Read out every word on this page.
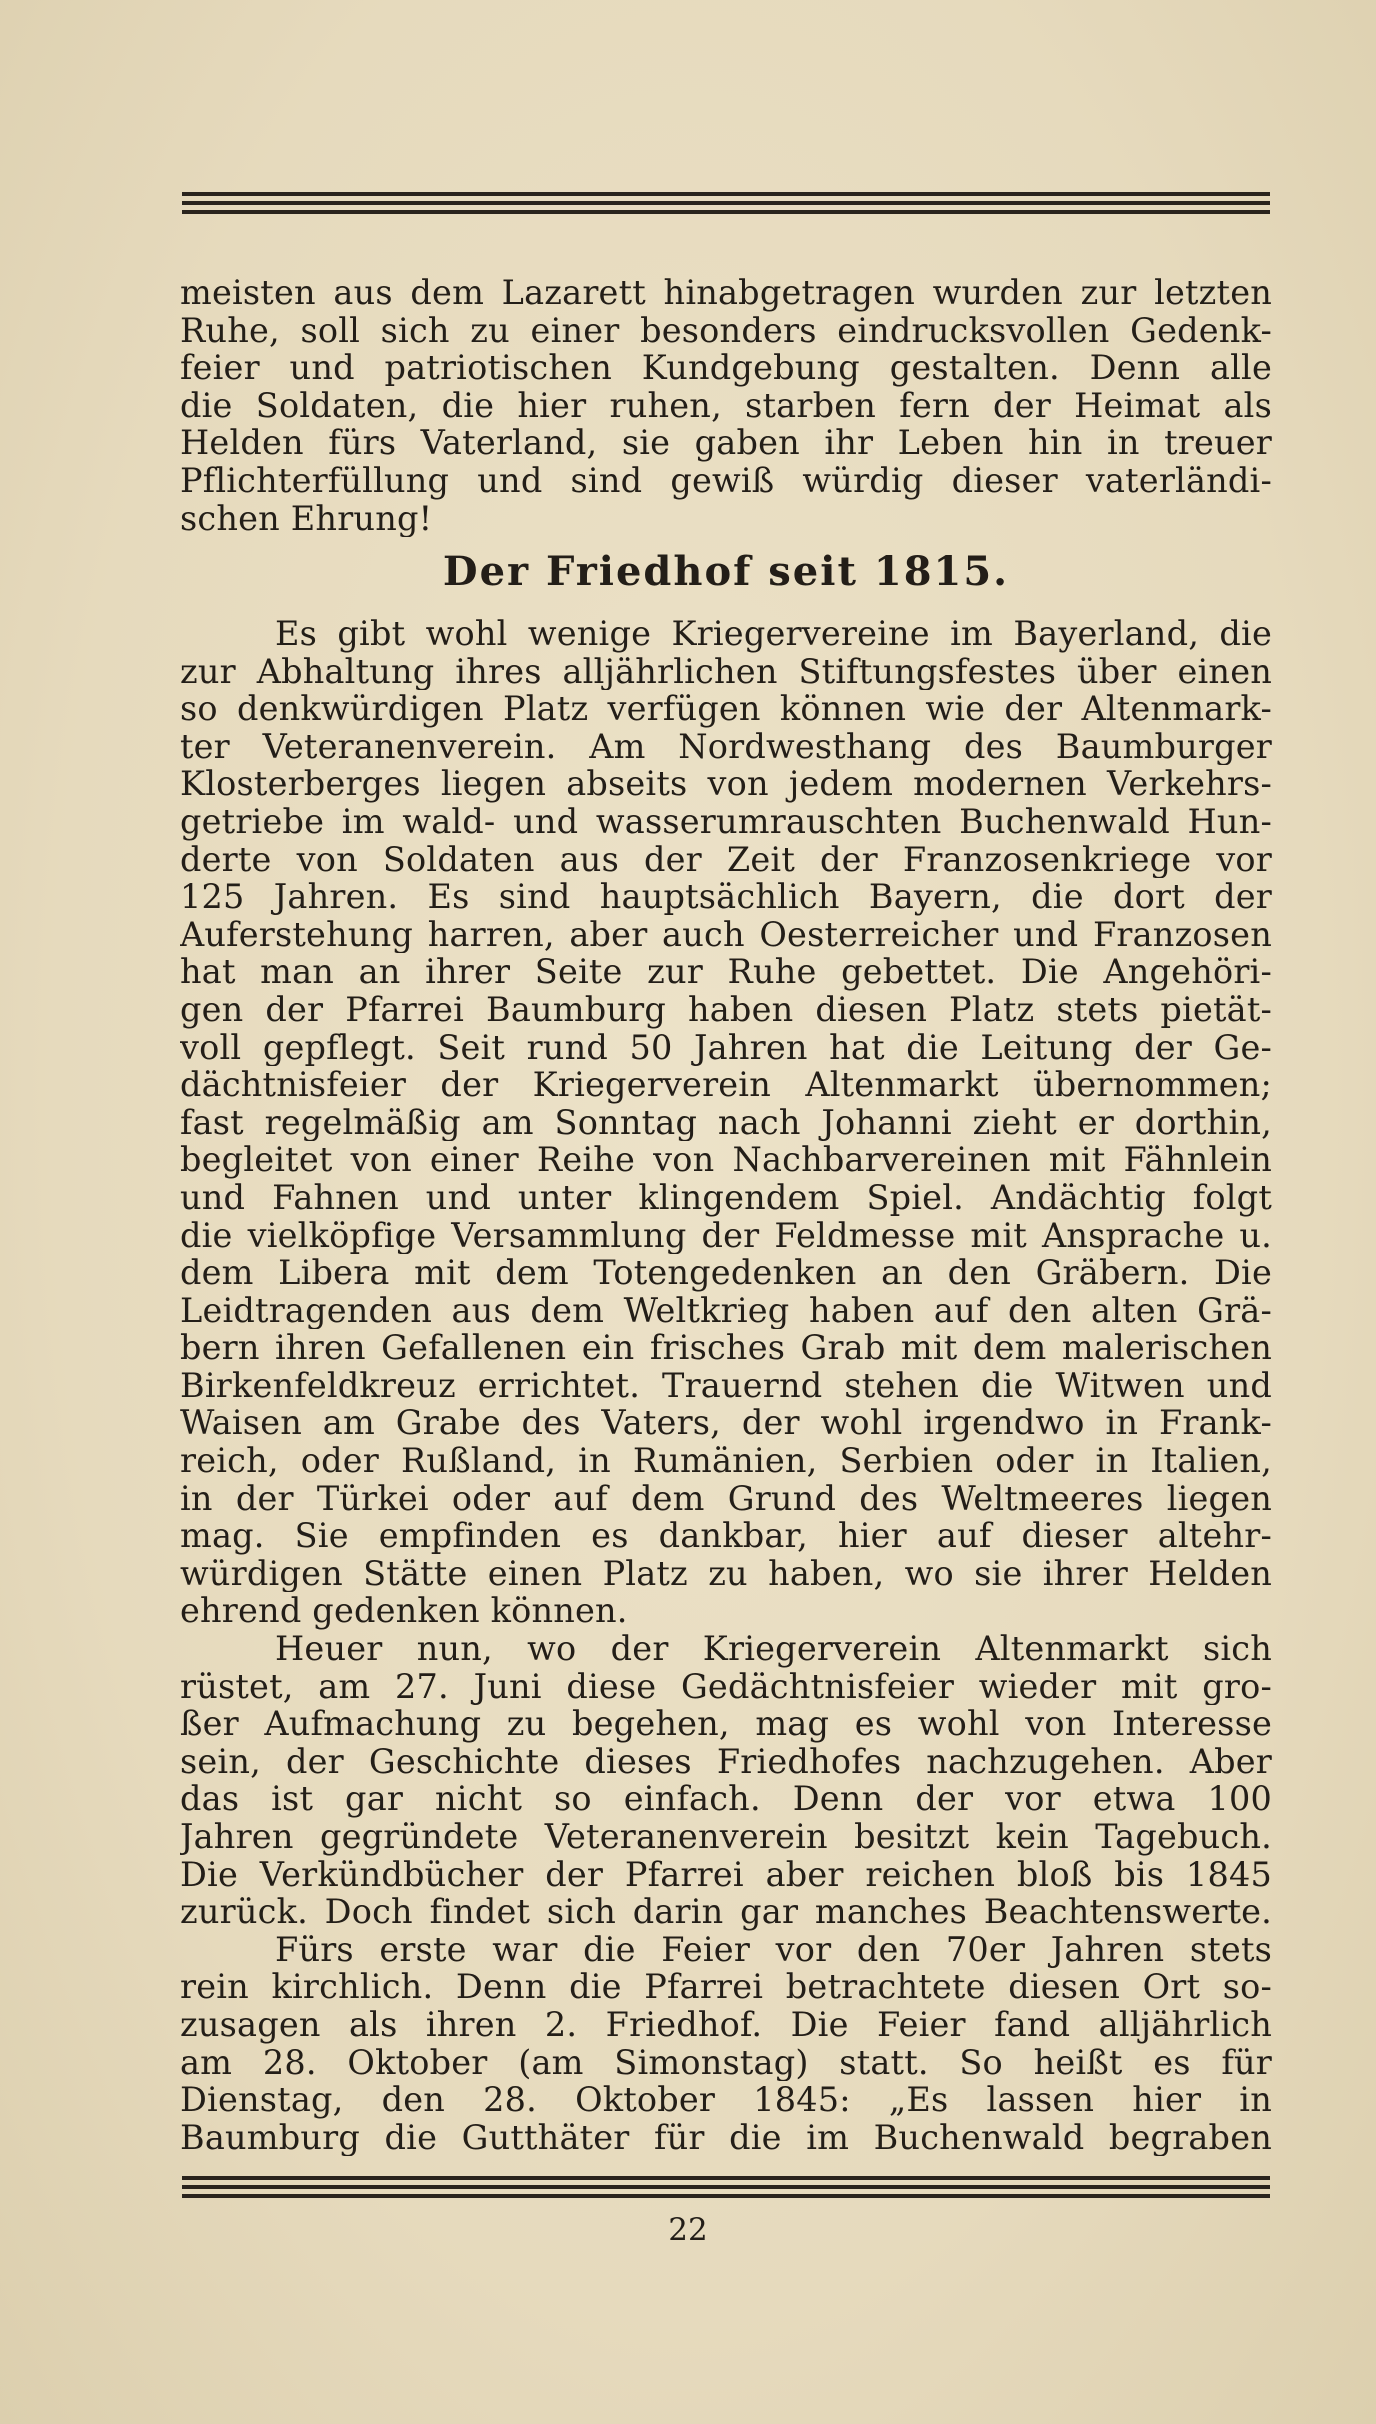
meisten aus dem Lazarett hinabgetragen wurden zur letzten
Ruhe, soll sich zu einer besonders eindrucksvollen Gedenk-
feier und patriotischen Kundgebung gestalten. Denn alle
die Soldaten, die hier ruhen, starben fern der Heimat als
Helden fürs Vaterland, sie gaben ihr Leben hin in treuer
Pflichterfüllung und sind gewiß würdig dieser vaterländi-
schen Ehrung!
Der Friedhof seit 1815.
Es gibt wohl wenige Kriegervereine im Bayerland, die
zur Abhaltung ihres alljährlichen Stiftungsfestes über einen
so denkwürdigen Platz verfügen können wie der Altenmark-
ter Veteranenverein. Am Nordwesthang des Baumburger
Klosterberges liegen abseits von jedem modernen Verkehrs-
getriebe im wald- und wasserumrauschten Buchenwald Hun-
derte von Soldaten aus der Zeit der Franzosenkriege vor
125 Jahren. Es sind hauptsächlich Bayern, die dort der
Auferstehung harren, aber auch Oesterreicher und Franzosen
hat man an ihrer Seite zur Ruhe gebettet. Die Angehöri-
gen der Pfarrei Baumburg haben diesen Platz stets pietät-
voll gepflegt. Seit rund 50 Jahren hat die Leitung der Ge-
dächtnisfeier der Kriegerverein Altenmarkt übernommen;
fast regelmäßig am Sonntag nach Johanni zieht er dorthin,
begleitet von einer Reihe von Nachbarvereinen mit Fähnlein
und Fahnen und unter klingendem Spiel. Andächtig folgt
die vielköpfige Versammlung der Feldmesse mit Ansprache u.
dem Libera mit dem Totengedenken an den Gräbern. Die
Leidtragenden aus dem Weltkrieg haben auf den alten Grä-
bern ihren Gefallenen ein frisches Grab mit dem malerischen
Birkenfeldkreuz errichtet. Trauernd stehen die Witwen und
Waisen am Grabe des Vaters, der wohl irgendwo in Frank-
reich, oder Rußland, in Rumänien, Serbien oder in Italien,
in der Türkei oder auf dem Grund des Weltmeeres liegen
mag. Sie empfinden es dankbar, hier auf dieser altehr-
würdigen Stätte einen Platz zu haben, wo sie ihrer Helden
ehrend gedenken können.
Heuer nun, wo der Kriegerverein Altenmarkt sich
rüstet, am 27. Juni diese Gedächtnisfeier wieder mit gro-
ßer Aufmachung zu begehen, mag es wohl von Interesse
sein, der Geschichte dieses Friedhofes nachzugehen. Aber
das ist gar nicht so einfach. Denn der vor etwa 100
Jahren gegründete Veteranenverein besitzt kein Tagebuch.
Die Verkündbücher der Pfarrei aber reichen bloß bis 1845
zurück. Doch findet sich darin gar manches Beachtenswerte.
Fürs erste war die Feier vor den 70er Jahren stets
rein kirchlich. Denn die Pfarrei betrachtete diesen Ort so-
zusagen als ihren 2. Friedhof. Die Feier fand alljährlich
am 28. Oktober (am Simonstag) statt. So heißt es für
Dienstag, den 28. Oktober 1845: „Es lassen hier in
Baumburg die Gutthäter für die im Buchenwald begraben
22
